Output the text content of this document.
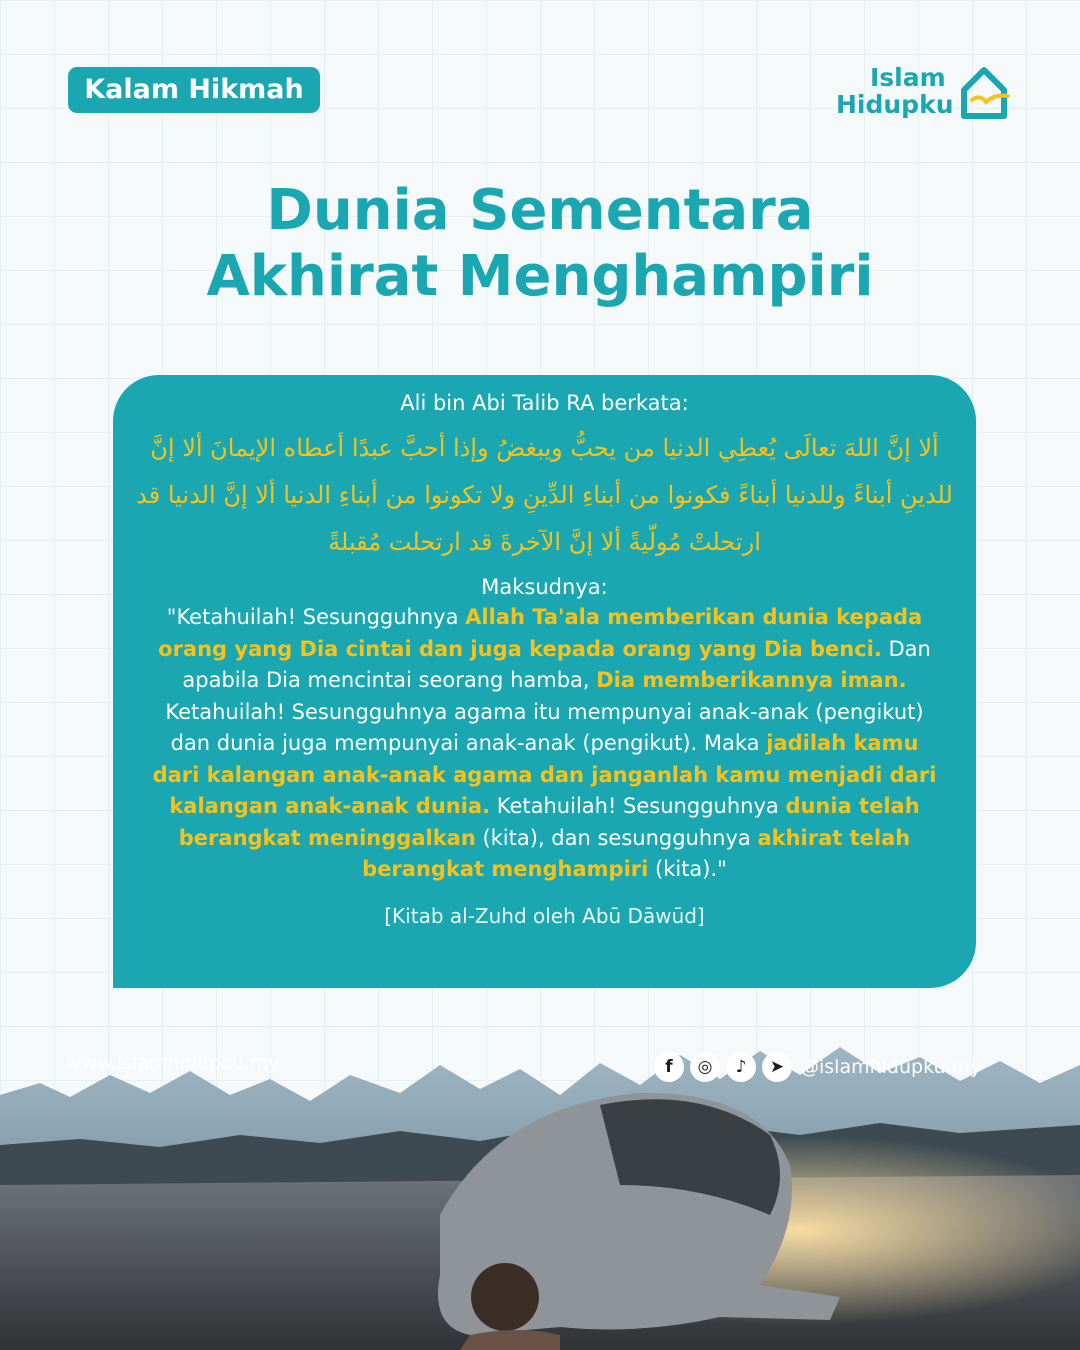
Kalam Hikmah	Islam
Hidupku
Dunia Sementara
Akhirat Menghampiri
Ali bin Abi Talib RA berkata:
ألا إنَّ اللهَ تعالَى يُعطِي الدنيا من يحبُّ ويبغضُ وإذا أحبَّ عبدًا أعطاه الإيمانَ ألا إنَّ للدينِ أبناءً وللدنيا أبناءً فكونوا من أبناءِ الدِّينِ ولا تكونوا من أبناءِ الدنيا ألا إنَّ الدنيا قد ارتحلتْ مُولّيةً ألا إنَّ الآخرةَ قد ارتحلت مُقبلةً
Maksudnya:
"Ketahuilah! Sesungguhnya Allah Ta'ala memberikan dunia kepada orang yang Dia cintai dan juga kepada orang yang Dia benci. Dan apabila Dia mencintai seorang hamba, Dia memberikannya iman. Ketahuilah! Sesungguhnya agama itu mempunyai anak-anak (pengikut) dan dunia juga mempunyai anak-anak (pengikut). Maka jadilah kamu dari kalangan anak-anak agama dan janganlah kamu menjadi dari kalangan anak-anak dunia. Ketahuilah! Sesungguhnya dunia telah berangkat meninggalkan (kita), dan sesungguhnya akhirat telah berangkat menghampiri (kita)."
[Kitab al-Zuhd oleh Abū Dāwūd]
www.islamhidupku.my	f	◎	♪	➤ @islamhidupku.my
